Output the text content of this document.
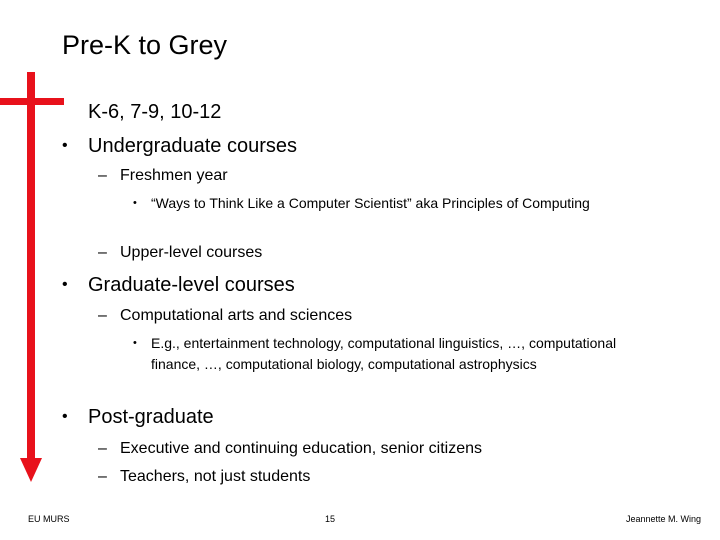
Pre-K to Grey
K-6, 7-9, 10-12
• Undergraduate courses
– Freshmen year
• “Ways to Think Like a Computer Scientist” aka Principles of Computing
– Upper-level courses
• Graduate-level courses
– Computational arts and sciences
• E.g., entertainment technology, computational linguistics, …, computational finance, …, computational biology, computational astrophysics
• Post-graduate
– Executive and continuing education, senior citizens
– Teachers, not just students
EU MURS	15	Jeannette M. Wing
